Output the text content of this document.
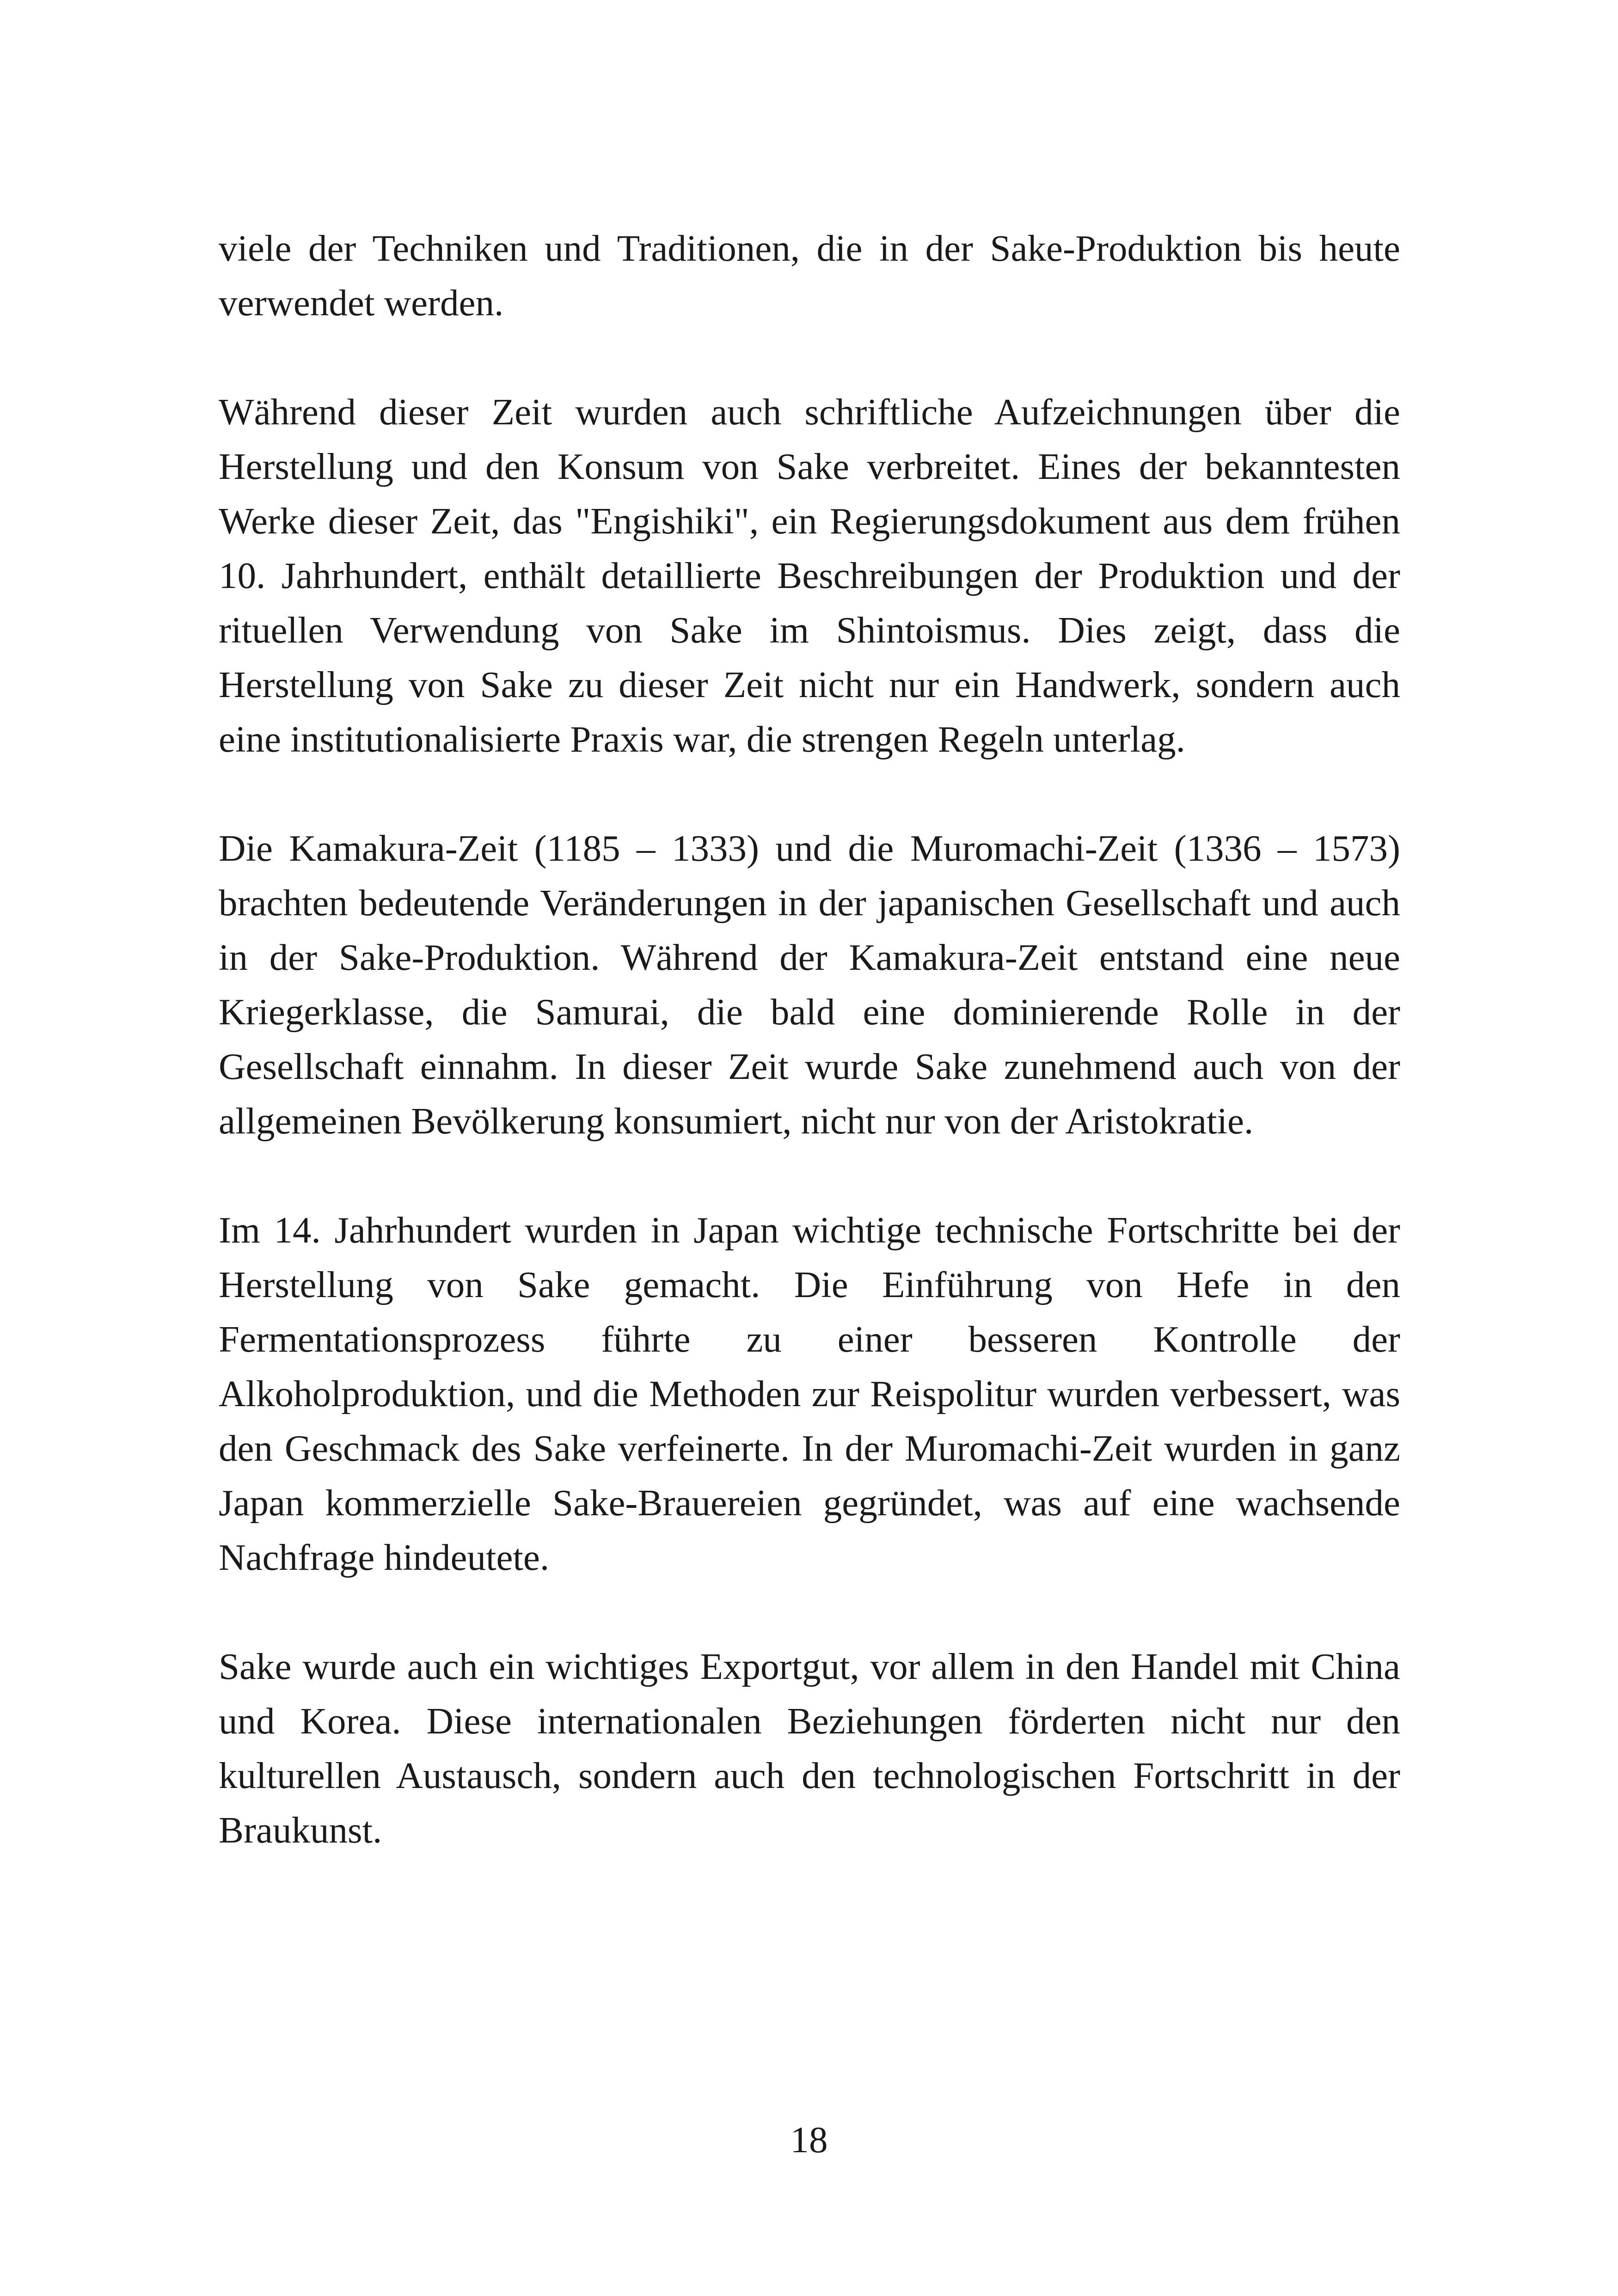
viele der Techniken und Traditionen, die in der Sake-Produktion bis heute verwendet werden.

Während dieser Zeit wurden auch schriftliche Aufzeichnungen über die Herstellung und den Konsum von Sake verbreitet. Eines der bekanntesten Werke dieser Zeit, das "Engishiki", ein Regierungsdokument aus dem frühen 10. Jahrhundert, enthält detaillierte Beschreibungen der Produktion und der rituellen Verwendung von Sake im Shintoismus. Dies zeigt, dass die Herstellung von Sake zu dieser Zeit nicht nur ein Handwerk, sondern auch eine institutionalisierte Praxis war, die strengen Regeln unterlag.

Die Kamakura-Zeit (1185 – 1333) und die Muromachi-Zeit (1336 – 1573) brachten bedeutende Veränderungen in der japanischen Gesellschaft und auch in der Sake-Produktion. Während der Kamakura-Zeit entstand eine neue Kriegerklasse, die Samurai, die bald eine dominierende Rolle in der Gesellschaft einnahm. In dieser Zeit wurde Sake zunehmend auch von der allgemeinen Bevölkerung konsumiert, nicht nur von der Aristokratie.

Im 14. Jahrhundert wurden in Japan wichtige technische Fortschritte bei der Herstellung von Sake gemacht. Die Einführung von Hefe in den Fermentationsprozess führte zu einer besseren Kontrolle der Alkoholproduktion, und die Methoden zur Reispolitur wurden verbessert, was den Geschmack des Sake verfeinerte. In der Muromachi-Zeit wurden in ganz Japan kommerzielle Sake-Brauereien gegründet, was auf eine wachsende Nachfrage hindeutete.

Sake wurde auch ein wichtiges Exportgut, vor allem in den Handel mit China und Korea. Diese internationalen Beziehungen förderten nicht nur den kulturellen Austausch, sondern auch den technologischen Fortschritt in der Braukunst.

18
